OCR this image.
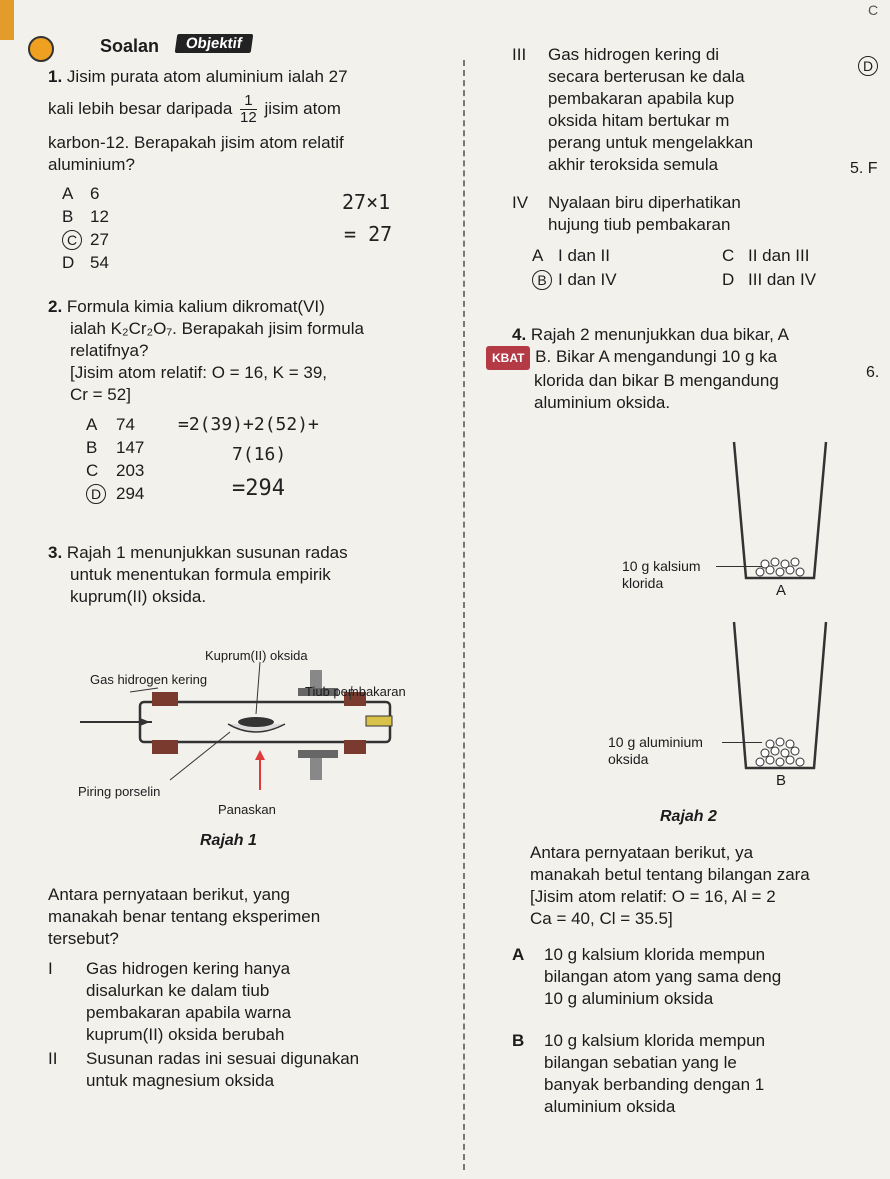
C
Soalan	Objektif
D
1. Jisim purata atom aluminium ialah 27
kali lebih besar daripada $\frac{1}{12}$ jisim atom
karbon-12. Berapakah jisim atom relatif
aluminium?
A 6
B 12
C 27
D 54
27×1
= 27
2. Formula kimia kalium dikromat(VI)
ialah K₂Cr₂O₇. Berapakah jisim formula
relatifnya?
[Jisim atom relatif: O = 16, K = 39,
Cr = 52]
A 74
B 147
C 203
D 294
=2(39)+2(52)+
7(16)
=294
3. Rajah 1 menunjukkan susunan radas
untuk menentukan formula empirik
kuprum(II) oksida.
Kuprum(II) oksida
Gas hidrogen kering
Tiub pembakaran
Piring porselin
Panaskan
Rajah 1
Antara pernyataan berikut, yang
manakah benar tentang eksperimen
tersebut?
I Gas hidrogen kering hanya
disalurkan ke dalam tiub
pembakaran apabila warna
kuprum(II) oksida berubah
II Susunan radas ini sesuai digunakan
untuk magnesium oksida
III Gas hidrogen kering di
secara berterusan ke dala
pembakaran apabila kup
oksida hitam bertukar m
perang untuk mengelakkan
akhir teroksida semula	5. F
IV Nyalaan biru diperhatikan
hujung tiub pembakaran
A I dan II	C II dan III
B I dan IV	D III dan IV
4. Rajah 2 menunjukkan dua bikar, A
KBAT B. Bikar A mengandungi 10 g ka
klorida dan bikar B mengandung
aluminium oksida.
6.
10 g kalsium
klorida	A
10 g aluminium
oksida
B
Rajah 2
Antara pernyataan berikut, ya
manakah betul tentang bilangan zara
[Jisim atom relatif: O = 16, Al = 2
Ca = 40, Cl = 35.5]
A 10 g kalsium klorida mempun
bilangan atom yang sama deng
10 g aluminium oksida
B 10 g kalsium klorida mempun
bilangan sebatian yang le
banyak berbanding dengan 1
aluminium oksida
